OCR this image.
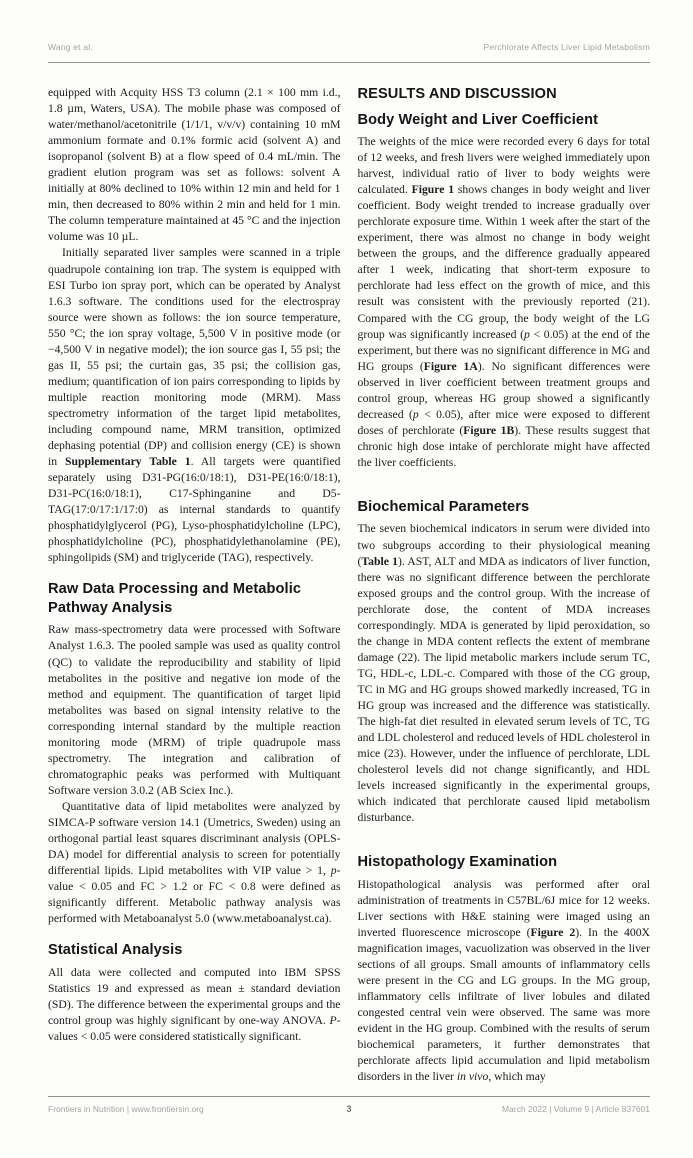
Wang et al.	Perchlorate Affects Liver Lipid Metabolism

equipped with Acquity HSS T3 column (2.1 × 100 mm i.d., 1.8 µm, Waters, USA). The mobile phase was composed of water/methanol/acetonitrile (1/1/1, v/v/v) containing 10 mM ammonium formate and 0.1% formic acid (solvent A) and isopropanol (solvent B) at a flow speed of 0.4 mL/min. The gradient elution program was set as follows: solvent A initially at 80% declined to 10% within 12 min and held for 1 min, then decreased to 80% within 2 min and held for 1 min. The column temperature maintained at 45 °C and the injection volume was 10 µL.

Initially separated liver samples were scanned in a triple quadrupole containing ion trap. The system is equipped with ESI Turbo ion spray port, which can be operated by Analyst 1.6.3 software. The conditions used for the electrospray source were shown as follows: the ion source temperature, 550 °C; the ion spray voltage, 5,500 V in positive mode (or −4,500 V in negative model); the ion source gas I, 55 psi; the gas II, 55 psi; the curtain gas, 35 psi; the collision gas, medium; quantification of ion pairs corresponding to lipids by multiple reaction monitoring mode (MRM). Mass spectrometry information of the target lipid metabolites, including compound name, MRM transition, optimized dephasing potential (DP) and collision energy (CE) is shown in Supplementary Table 1. All targets were quantified separately using D31-PG(16:0/18:1), D31-PE(16:0/18:1), D31-PC(16:0/18:1), C17-Sphinganine and D5-TAG(17:0/17:1/17:0) as internal standards to quantify phosphatidylglycerol (PG), Lyso-phosphatidylcholine (LPC), phosphatidylcholine (PC), phosphatidylethanolamine (PE), sphingolipids (SM) and triglyceride (TAG), respectively.

Raw Data Processing and Metabolic Pathway Analysis

Raw mass-spectrometry data were processed with Software Analyst 1.6.3. The pooled sample was used as quality control (QC) to validate the reproducibility and stability of lipid metabolites in the positive and negative ion mode of the method and equipment. The quantification of target lipid metabolites was based on signal intensity relative to the corresponding internal standard by the multiple reaction monitoring mode (MRM) of triple quadrupole mass spectrometry. The integration and calibration of chromatographic peaks was performed with Multiquant Software version 3.0.2 (AB Sciex Inc.).

Quantitative data of lipid metabolites were analyzed by SIMCA-P software version 14.1 (Umetrics, Sweden) using an orthogonal partial least squares discriminant analysis (OPLS-DA) model for differential analysis to screen for potentially differential lipids. Lipid metabolites with VIP value > 1, p-value < 0.05 and FC > 1.2 or FC < 0.8 were defined as significantly different. Metabolic pathway analysis was performed with Metaboanalyst 5.0 (www.metaboanalyst.ca).

Statistical Analysis

All data were collected and computed into IBM SPSS Statistics 19 and expressed as mean ± standard deviation (SD). The difference between the experimental groups and the control group was highly significant by one-way ANOVA. P-values < 0.05 were considered statistically significant.

RESULTS AND DISCUSSION
Body Weight and Liver Coefficient

The weights of the mice were recorded every 6 days for total of 12 weeks, and fresh livers were weighed immediately upon harvest, individual ratio of liver to body weights were calculated. Figure 1 shows changes in body weight and liver coefficient. Body weight trended to increase gradually over perchlorate exposure time. Within 1 week after the start of the experiment, there was almost no change in body weight between the groups, and the difference gradually appeared after 1 week, indicating that short-term exposure to perchlorate had less effect on the growth of mice, and this result was consistent with the previously reported (21). Compared with the CG group, the body weight of the LG group was significantly increased (p < 0.05) at the end of the experiment, but there was no significant difference in MG and HG groups (Figure 1A). No significant differences were observed in liver coefficient between treatment groups and control group, whereas HG group showed a significantly decreased (p < 0.05), after mice were exposed to different doses of perchlorate (Figure 1B). These results suggest that chronic high dose intake of perchlorate might have affected the liver coefficients.

Biochemical Parameters

The seven biochemical indicators in serum were divided into two subgroups according to their physiological meaning (Table 1). AST, ALT and MDA as indicators of liver function, there was no significant difference between the perchlorate exposed groups and the control group. With the increase of perchlorate dose, the content of MDA increases correspondingly. MDA is generated by lipid peroxidation, so the change in MDA content reflects the extent of membrane damage (22). The lipid metabolic markers include serum TC, TG, HDL-c, LDL-c. Compared with those of the CG group, TC in MG and HG groups showed markedly increased, TG in HG group was increased and the difference was statistically. The high-fat diet resulted in elevated serum levels of TC, TG and LDL cholesterol and reduced levels of HDL cholesterol in mice (23). However, under the influence of perchlorate, LDL cholesterol levels did not change significantly, and HDL levels increased significantly in the experimental groups, which indicated that perchlorate caused lipid metabolism disturbance.

Histopathology Examination

Histopathological analysis was performed after oral administration of treatments in C57BL/6J mice for 12 weeks. Liver sections with H&E staining were imaged using an inverted fluorescence microscope (Figure 2). In the 400X magnification images, vacuolization was observed in the liver sections of all groups. Small amounts of inflammatory cells were present in the CG and LG groups. In the MG group, inflammatory cells infiltrate of liver lobules and dilated congested central vein were observed. The same was more evident in the HG group. Combined with the results of serum biochemical parameters, it further demonstrates that perchlorate affects lipid accumulation and lipid metabolism disorders in the liver in vivo, which may

Frontiers in Nutrition | www.frontiersin.org	3	March 2022 | Volume 9 | Article 837601
